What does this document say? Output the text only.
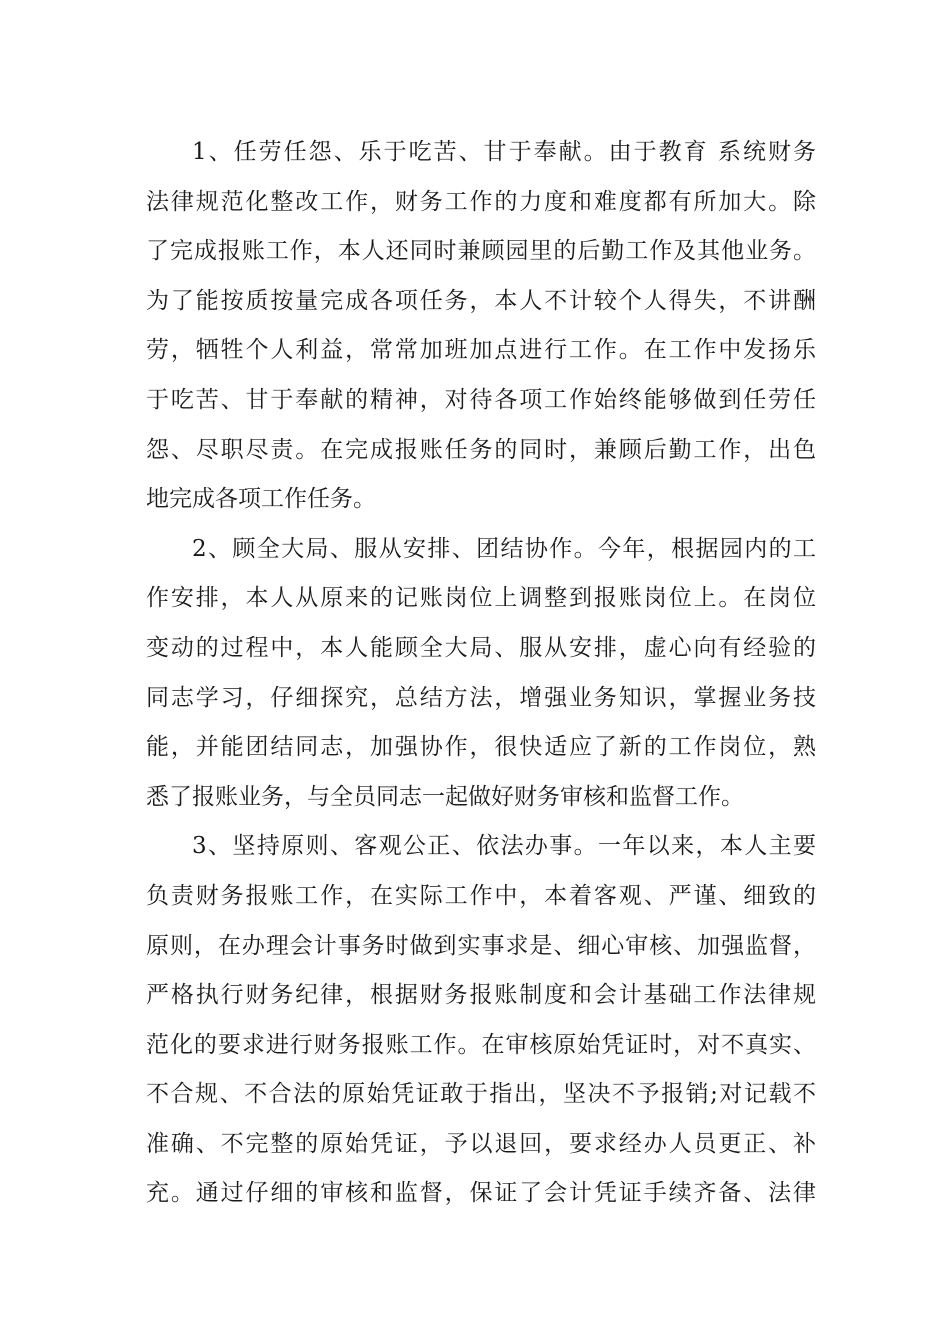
1、任劳任怨、乐于吃苦、甘于奉献。由于教育 系统财务
法律规范化整改工作，财务工作的力度和难度都有所加大。除
了完成报账工作，本人还同时兼顾园里的后勤工作及其他业务。
为了能按质按量完成各项任务，本人不计较个人得失，不讲酬
劳，牺牲个人利益，常常加班加点进行工作。在工作中发扬乐
于吃苦、甘于奉献的精神，对待各项工作始终能够做到任劳任
怨、尽职尽责。在完成报账任务的同时，兼顾后勤工作，出色
地完成各项工作任务。
2、顾全大局、服从安排、团结协作。今年，根据园内的工
作安排，本人从原来的记账岗位上调整到报账岗位上。在岗位
变动的过程中，本人能顾全大局、服从安排，虚心向有经验的
同志学习，仔细探究，总结方法，增强业务知识，掌握业务技
能，并能团结同志，加强协作，很快适应了新的工作岗位，熟
悉了报账业务，与全员同志一起做好财务审核和监督工作。
3、坚持原则、客观公正、依法办事。一年以来，本人主要
负责财务报账工作，在实际工作中，本着客观、严谨、细致的
原则，在办理会计事务时做到实事求是、细心审核、加强监督，
严格执行财务纪律，根据财务报账制度和会计基础工作法律规
范化的要求进行财务报账工作。在审核原始凭证时，对不真实、
不合规、不合法的原始凭证敢于指出，坚决不予报销;对记载不
准确、不完整的原始凭证，予以退回，要求经办人员更正、补
充。通过仔细的审核和监督，保证了会计凭证手续齐备、法律
